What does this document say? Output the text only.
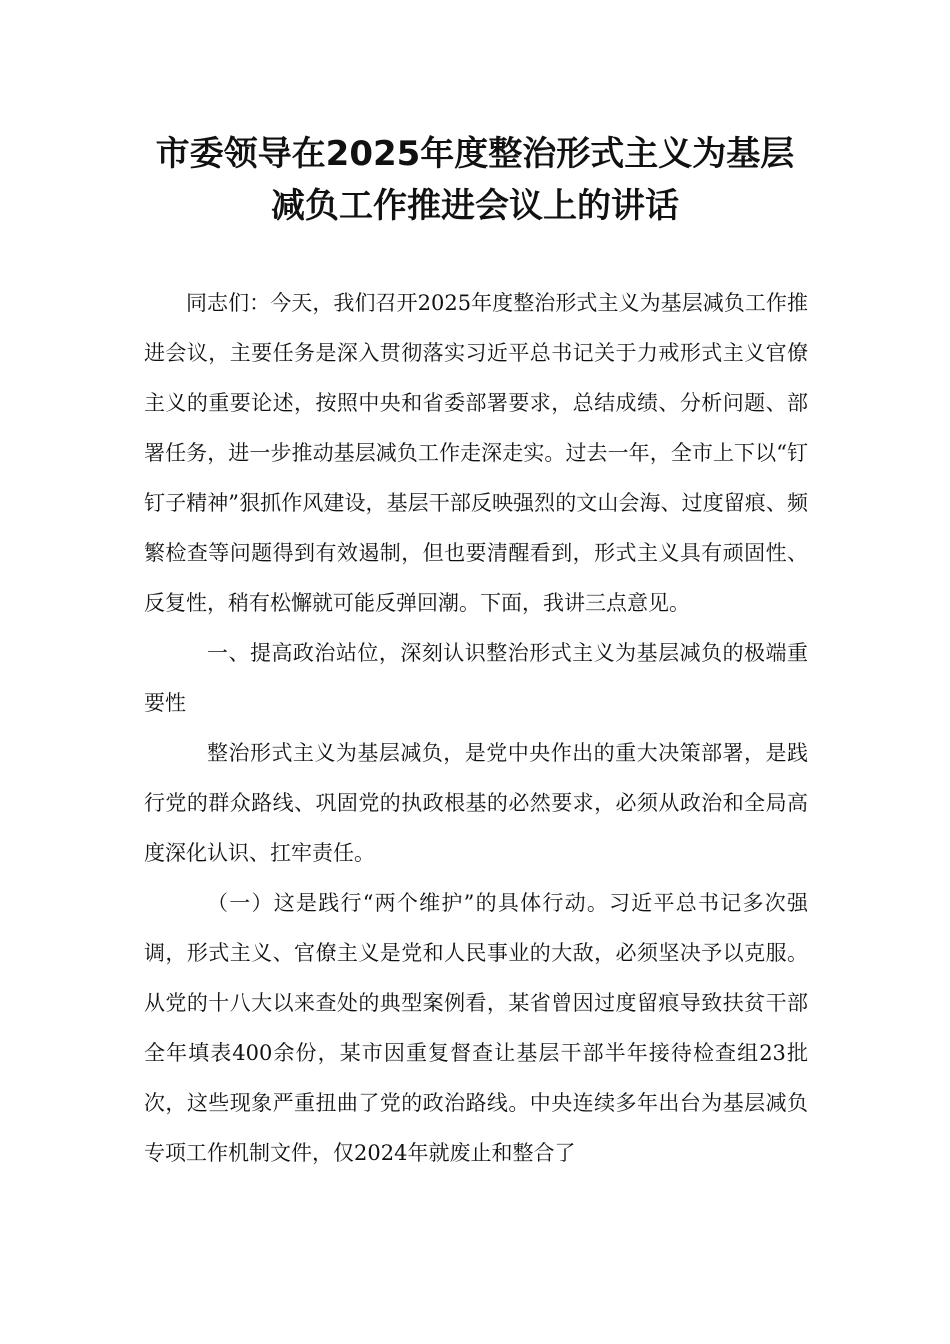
市委领导在2025年度整治形式主义为基层
减负工作推进会议上的讲话

同志们：今天，我们召开2025年度整治形式主义为基层减负工作推进会议，主要任务是深入贯彻落实习近平总书记关于力戒形式主义官僚主义的重要论述，按照中央和省委部署要求，总结成绩、分析问题、部署任务，进一步推动基层减负工作走深走实。过去一年，全市上下以“钉钉子精神”狠抓作风建设，基层干部反映强烈的文山会海、过度留痕、频繁检查等问题得到有效遏制，但也要清醒看到，形式主义具有顽固性、反复性，稍有松懈就可能反弹回潮。下面，我讲三点意见。

一、提高政治站位，深刻认识整治形式主义为基层减负的极端重要性

整治形式主义为基层减负，是党中央作出的重大决策部署，是践行党的群众路线、巩固党的执政根基的必然要求，必须从政治和全局高度深化认识、扛牢责任。

（一）这是践行“两个维护”的具体行动。习近平总书记多次强调，形式主义、官僚主义是党和人民事业的大敌，必须坚决予以克服。从党的十八大以来查处的典型案例看，某省曾因过度留痕导致扶贫干部全年填表400余份，某市因重复督查让基层干部半年接待检查组23批次，这些现象严重扭曲了党的政治路线。中央连续多年出台为基层减负专项工作机制文件，仅2024年就废止和整合了
